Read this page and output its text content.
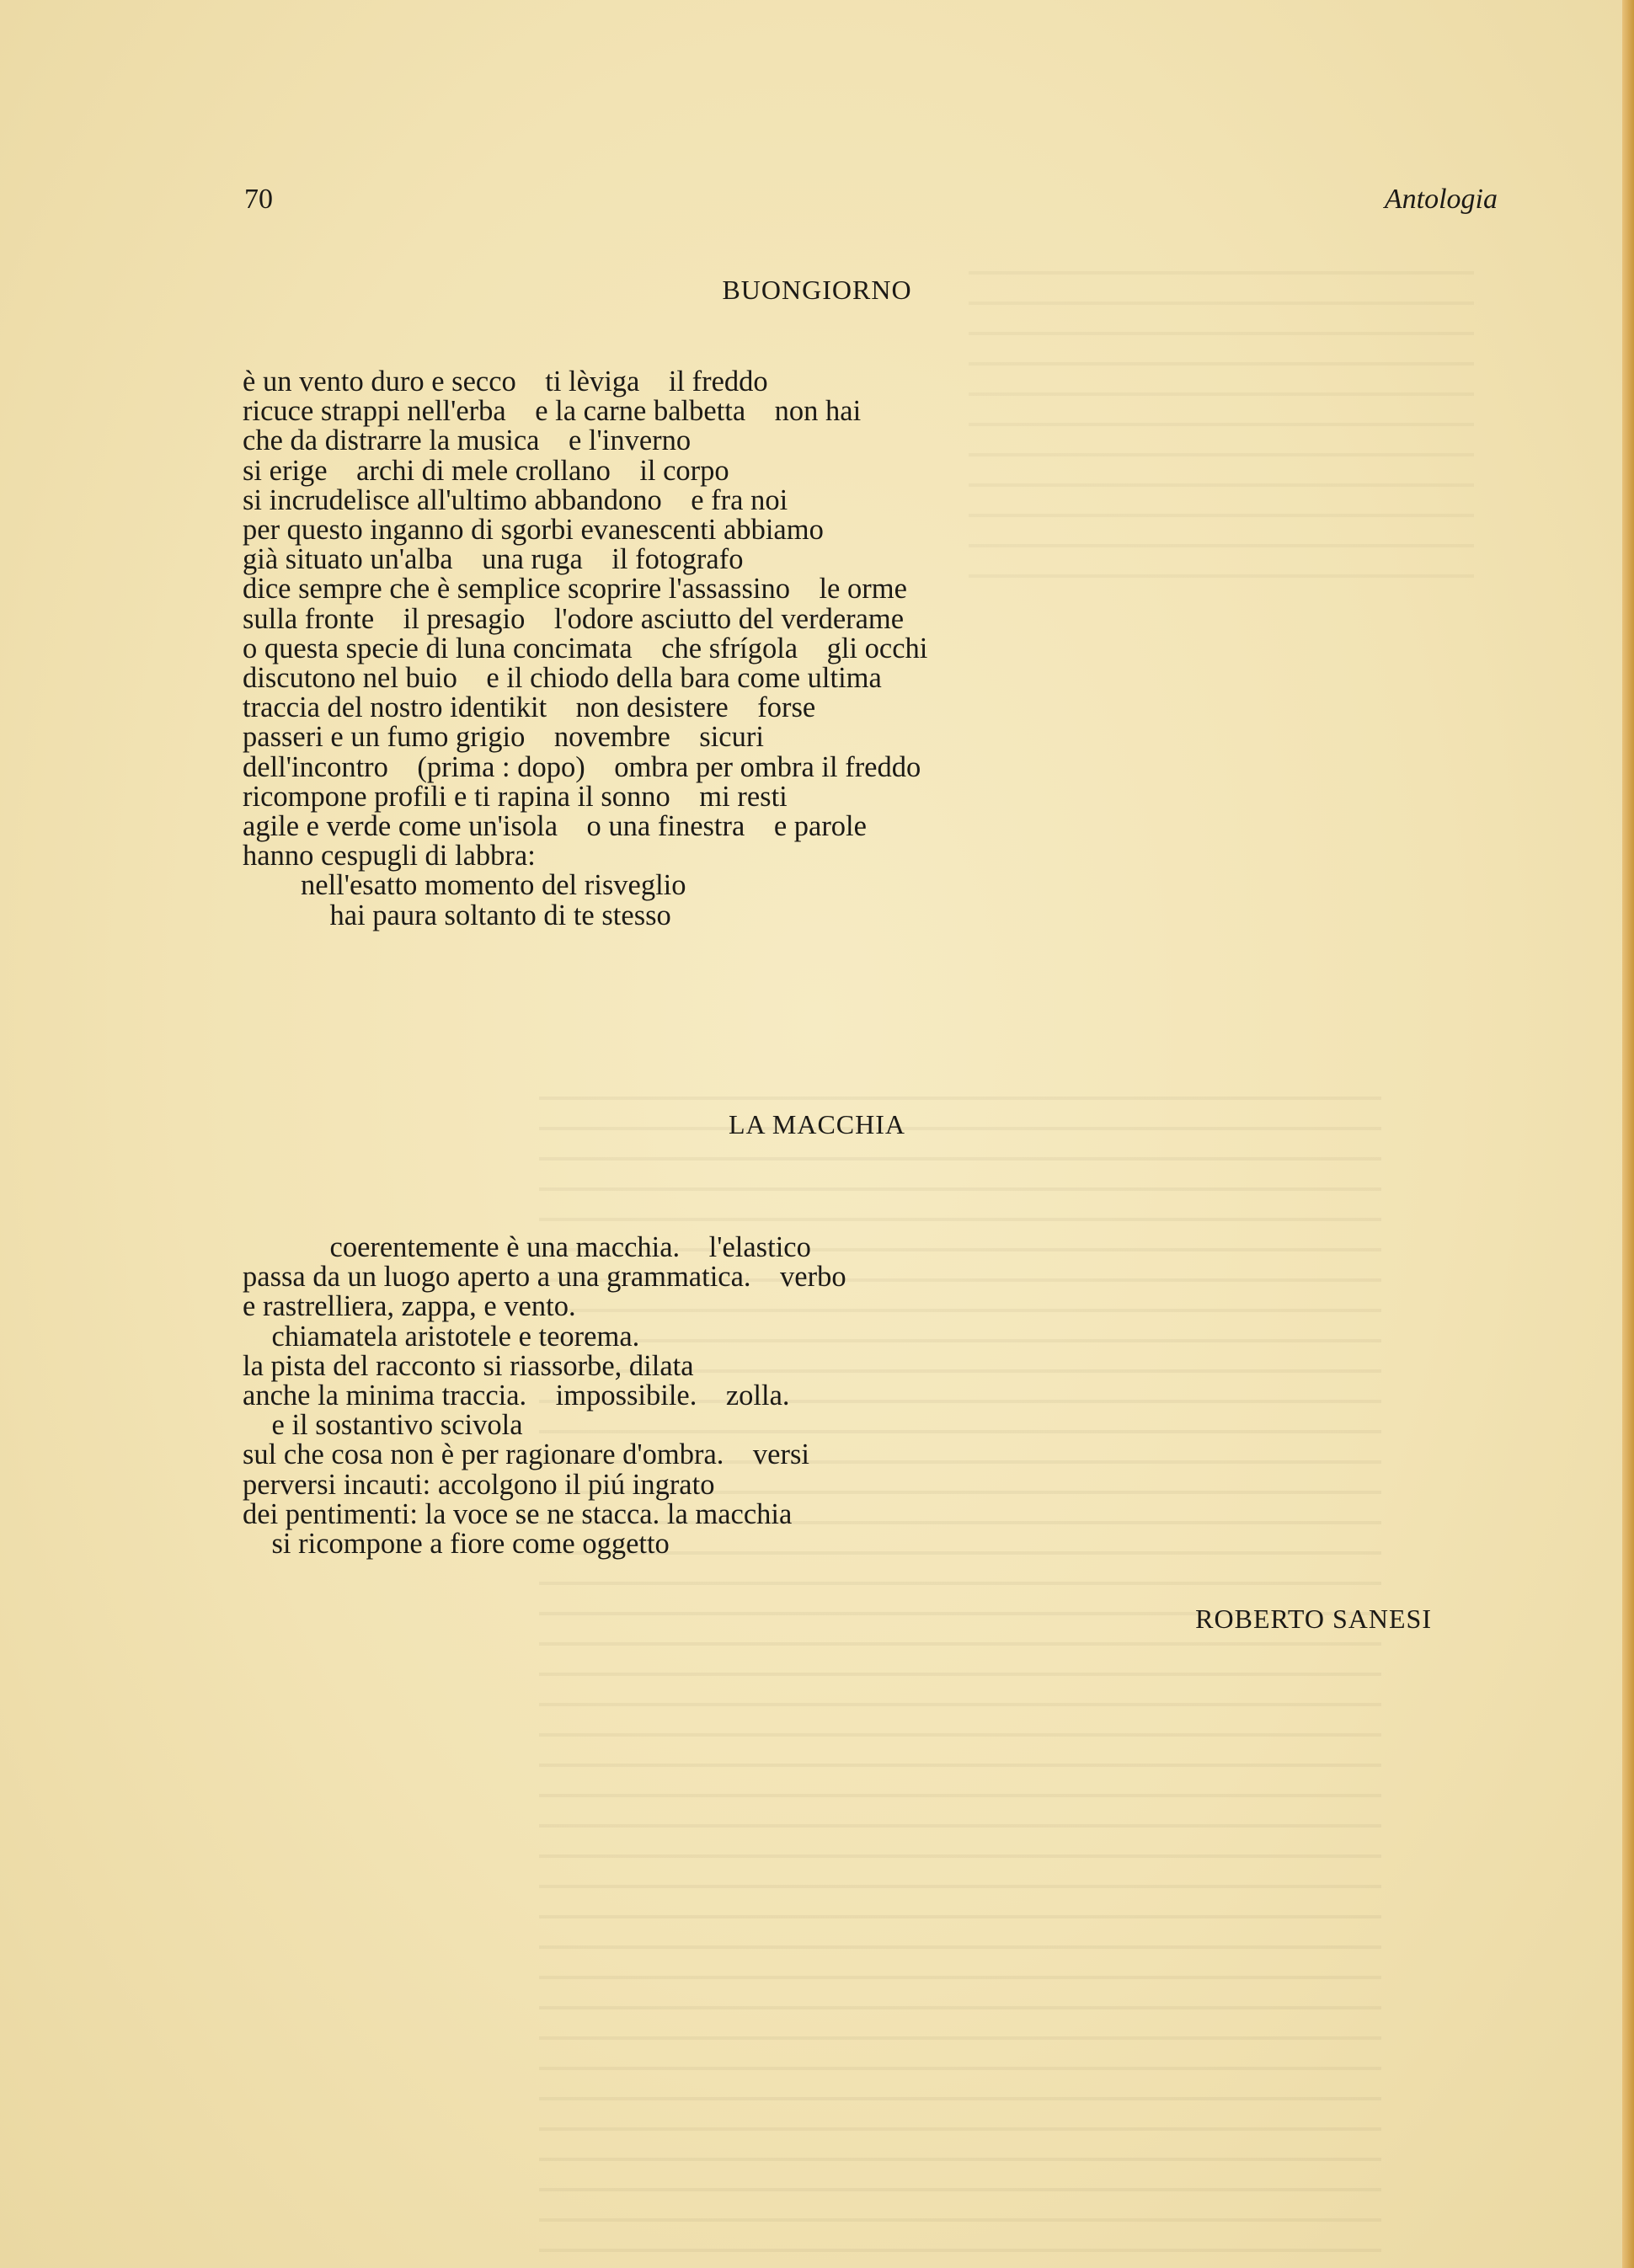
70	Antologia
BUONGIORNO
è un vento duro e secco    ti lèviga    il freddo
ricuce strappi nell'erba    e la carne balbetta    non hai
che da distrarre la musica    e l'inverno
si erige    archi di mele crollano    il corpo
si incrudelisce all'ultimo abbandono    e fra noi
per questo inganno di sgorbi evanescenti abbiamo
già situato un'alba    una ruga    il fotografo
dice sempre che è semplice scoprire l'assassino    le orme
sulla fronte    il presagio    l'odore asciutto del verderame
o questa specie di luna concimata    che sfrígola    gli occhi
discutono nel buio    e il chiodo della bara come ultima
traccia del nostro identikit    non desistere    forse
passeri e un fumo grigio    novembre    sicuri
dell'incontro    (prima : dopo)    ombra per ombra il freddo
ricompone profili e ti rapina il sonno    mi resti
agile e verde come un'isola    o una finestra    e parole
hanno cespugli di labbra:
nell'esatto momento del risveglio
hai paura soltanto di te stesso
LA MACCHIA
coerentemente è una macchia.    l'elastico
passa da un luogo aperto a una grammatica.    verbo
e rastrelliera, zappa, e vento.
chiamatela aristotele e teorema.
la pista del racconto si riassorbe, dilata
anche la minima traccia.    impossibile.    zolla.
e il sostantivo scivola
sul che cosa non è per ragionare d'ombra.    versi
perversi incauti: accolgono il piú ingrato
dei pentimenti: la voce se ne stacca. la macchia
si ricompone a fiore come oggetto
ROBERTO SANESI
